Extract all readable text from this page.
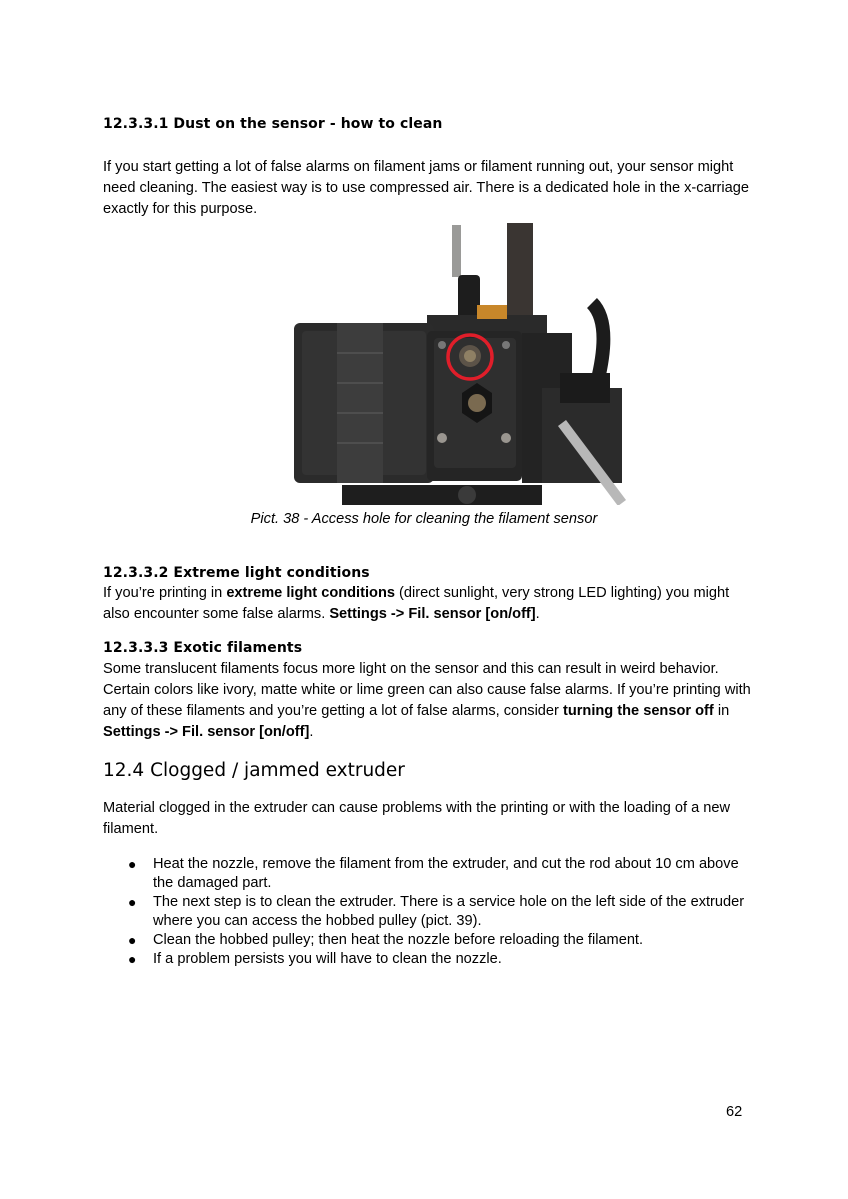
12.3.3.1 Dust on the sensor - how to clean
If you start getting a lot of false alarms on filament jams or filament running out, your sensor might need cleaning. The easiest way is to use compressed air. There is a dedicated hole in the x-carriage exactly for this purpose.
Pict. 38 - Access hole for cleaning the filament sensor
12.3.3.2 Extreme light conditions
If you’re printing in extreme light conditions (direct sunlight, very strong LED lighting) you might also encounter some false alarms. Settings -> Fil. sensor [on/off].
12.3.3.3 Exotic filaments
Some translucent filaments focus more light on the sensor and this can result in weird behavior. Certain colors like ivory, matte white or lime green can also cause false alarms. If you’re printing with any of these filaments and you’re getting a lot of false alarms, consider turning the sensor off in Settings -> Fil. sensor [on/off].
12.4 Clogged / jammed extruder
Material clogged in the extruder can cause problems with the printing or with the loading of a new filament.
● Heat the nozzle, remove the filament from the extruder, and cut the rod about 10 cm above the damaged part.
● The next step is to clean the extruder. There is a service hole on the left side of the extruder where you can access the hobbed pulley (pict. 39).
● Clean the hobbed pulley; then heat the nozzle before reloading the filament.
● If a problem persists you will have to clean the nozzle.
62
